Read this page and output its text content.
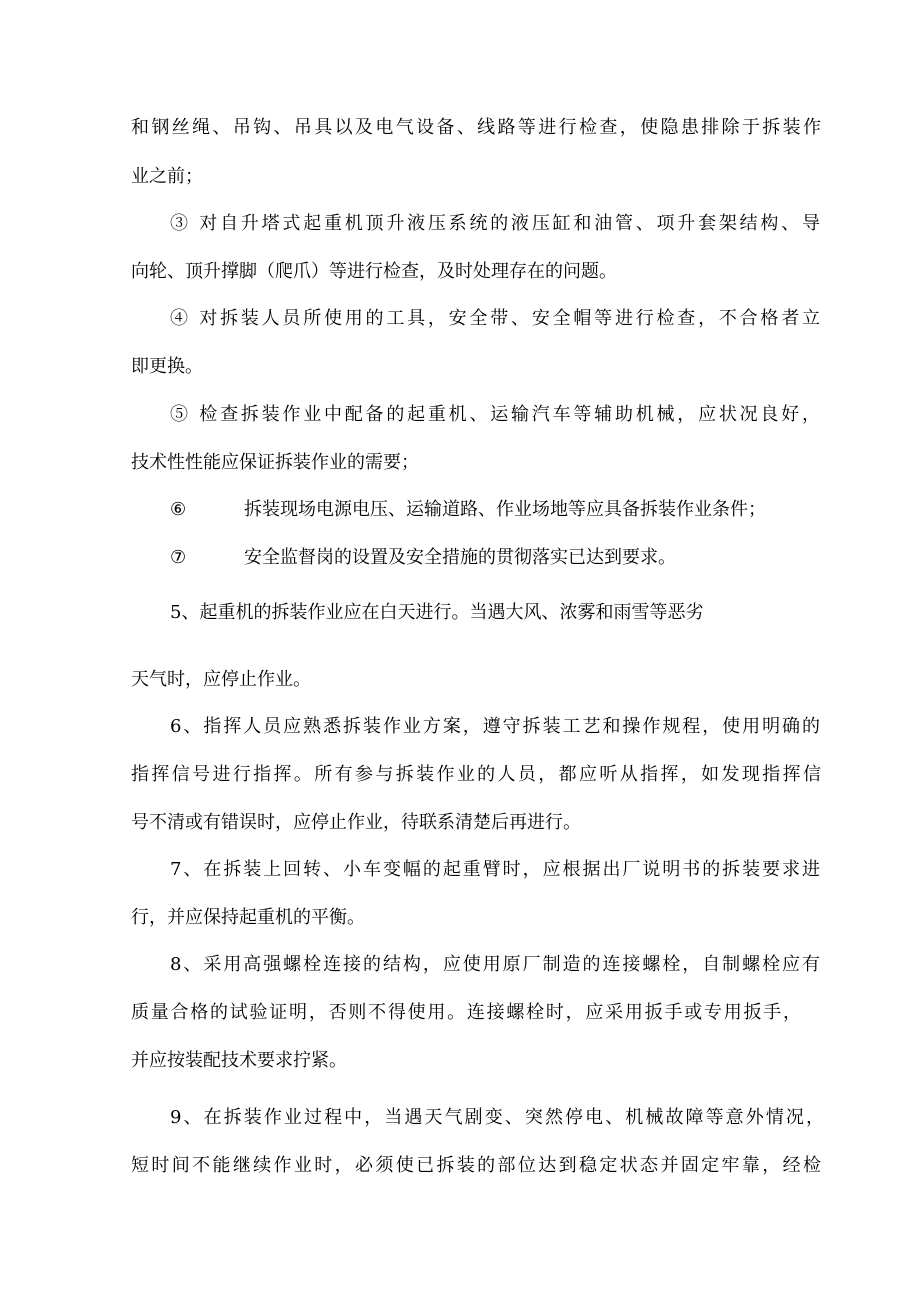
和钢丝绳、吊钩、吊具以及电气设备、线路等进行检查，使隐患排除于拆装作

业之前；

③ 对自升塔式起重机顶升液压系统的液压缸和油管、项升套架结构、导

向轮、顶升撑脚（爬爪）等进行检查，及时处理存在的问题。

④ 对拆装人员所使用的工具，安全带、安全帽等进行检查，不合格者立

即更换。

⑤ 检查拆装作业中配备的起重机、运输汽车等辅助机械，应状况良好，

技术性性能应保证拆装作业的需要；

⑥	拆装现场电源电压、运输道路、作业场地等应具备拆装作业条件；

⑦	安全监督岗的设置及安全措施的贯彻落实已达到要求。

5、起重机的拆装作业应在白天进行。当遇大风、浓雾和雨雪等恶劣

天气时，应停止作业。

6、指挥人员应熟悉拆装作业方案，遵守拆装工艺和操作规程，使用明确的

指挥信号进行指挥。所有参与拆装作业的人员，都应听从指挥，如发现指挥信

号不清或有错误时，应停止作业，待联系清楚后再进行。

7、在拆装上回转、小车变幅的起重臂时，应根据出厂说明书的拆装要求进

行，并应保持起重机的平衡。

8、采用高强螺栓连接的结构，应使用原厂制造的连接螺栓，自制螺栓应有

质量合格的试验证明，否则不得使用。连接螺栓时，应采用扳手或专用扳手，

并应按装配技术要求拧紧。

9、在拆装作业过程中，当遇天气剧变、突然停电、机械故障等意外情况，

短时间不能继续作业时，必须使已拆装的部位达到稳定状态并固定牢靠，经检
